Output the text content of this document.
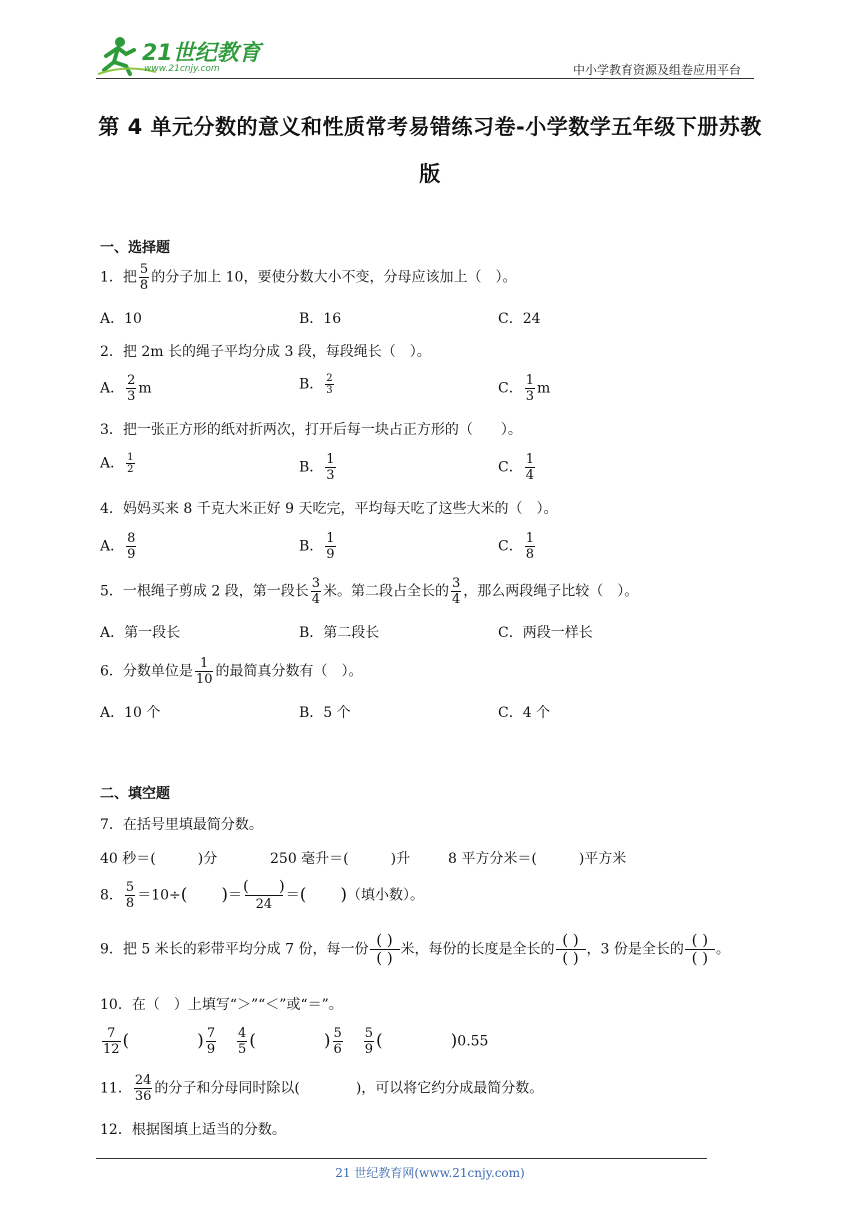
21世纪教育
www.21cnjy.com	中小学教育资源及组卷应用平台
第 4 单元分数的意义和性质常考易错练习卷-小学数学五年级下册苏教版
一、选择题
1．把 $\frac{5}{8}$ 的分子加上 10，要使分数大小不变，分母应该加上（　）。
A．10	B．16	C．24
2．把 2m 长的绳子平均分成 3 段，每段绳长（　）。
A． $\frac{2}{3}$ m	B． $\frac{2}{3}$	C． $\frac{1}{3}$ m
3．把一张正方形的纸对折两次，打开后每一块占正方形的（　　）。
A． $\frac{1}{2}$	B． $\frac{1}{3}$	C． $\frac{1}{4}$
4．妈妈买来 8 千克大米正好 9 天吃完，平均每天吃了这些大米的（　）。
A． $\frac{8}{9}$	B． $\frac{1}{9}$	C． $\frac{1}{8}$
5．一根绳子剪成 2 段，第一段长 $\frac{3}{4}$ 米。第二段占全长的 $\frac{3}{4}$ ，那么两段绳子比较（　）。
A．第一段长	B．第二段长	C．两段一样长
6．分数单位是 $\frac{1}{10}$ 的最简真分数有（　）。
A．10 个	B．5 个	C．4 个
二、填空题
7．在括号里填最简分数。
40 秒＝(　　　)分	250 毫升＝(　　　)升	8 平方分米＝(　　　)平方米
8． $\frac{5}{8} =10\div$(　　)＝
(　　)
24
＝(　　)（填小数）。
9．把 5 米长的彩带平均分成 7 份，每一份
( )
( ) 米，每份的长度是全长的
( )
( ) ，3 份是全长的
( )
( ) 。
10．在（　）上填写“＞”“＜”或“＝”。
$\frac{7}{12}$ (　　　　) $\frac{7}{9}$
$\frac{4}{5}$ (　　　　) $\frac{5}{6}$
$\frac{5}{9}$ (　　　　)0.55
11． $\frac{24}{36}$ 的分子和分母同时除以(　　　　)，可以将它约分成最简分数。
12．根据图填上适当的分数。
21 世纪教育网(www.21cnjy.com)
